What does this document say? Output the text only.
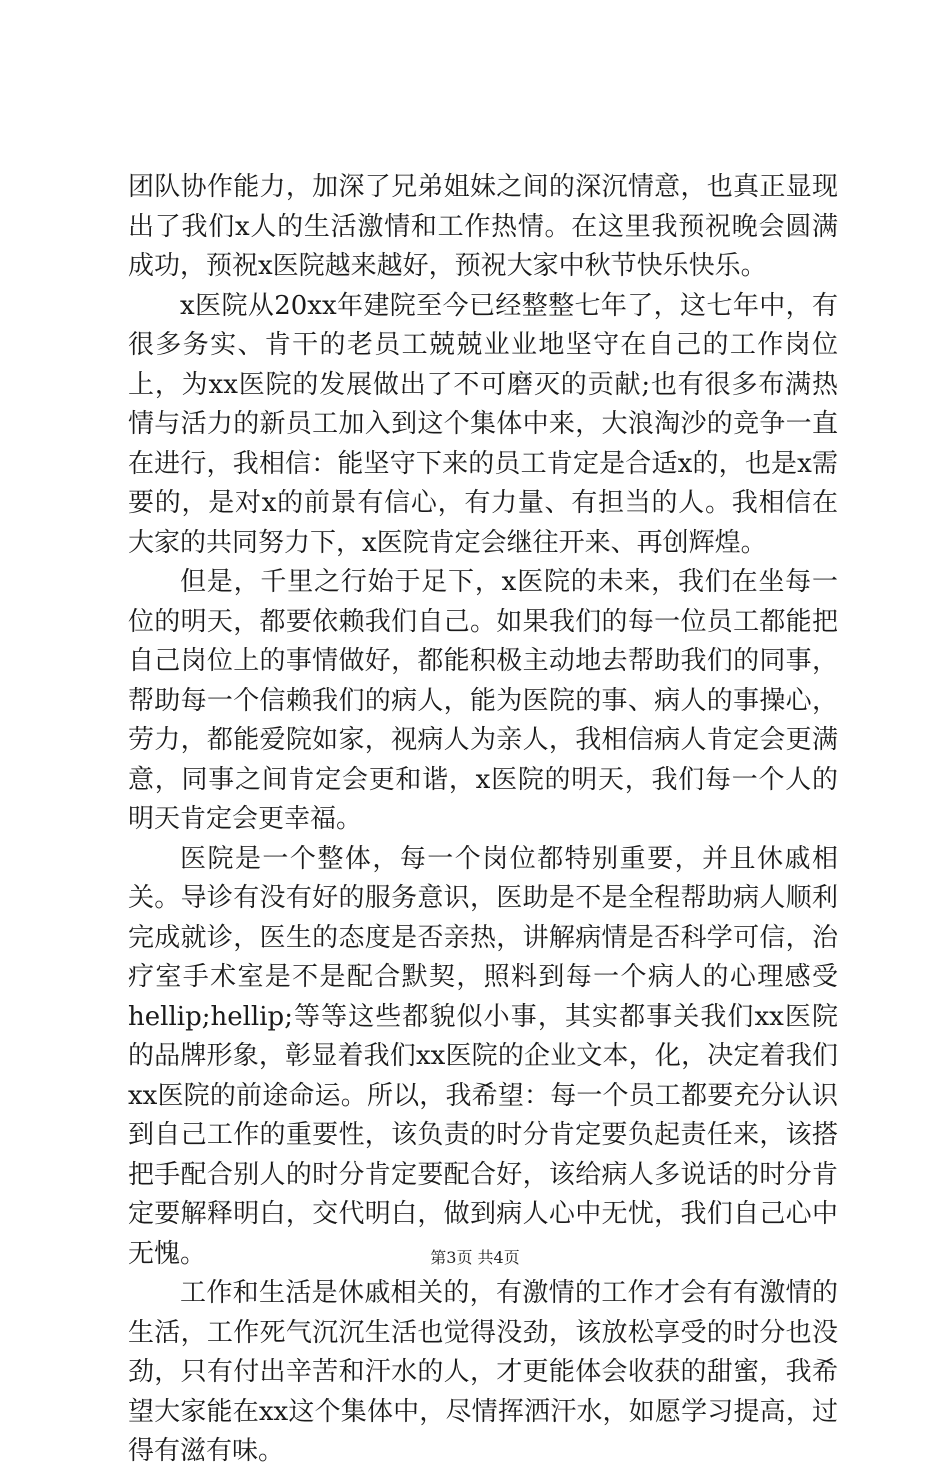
团队协作能力，加深了兄弟姐妹之间的深沉情意，也真正显现出了我们x人的生活激情和工作热情。在这里我预祝晚会圆满成功，预祝x医院越来越好，预祝大家中秋节快乐快乐。

x医院从20xx年建院至今已经整整七年了，这七年中，有很多务实、肯干的老员工兢兢业业地坚守在自己的工作岗位上，为xx医院的发展做出了不可磨灭的贡献;也有很多布满热情与活力的新员工加入到这个集体中来，大浪淘沙的竞争一直在进行，我相信：能坚守下来的员工肯定是合适x的，也是x需要的，是对x的前景有信心，有力量、有担当的人。我相信在大家的共同努力下，x医院肯定会继往开来、再创辉煌。

但是，千里之行始于足下，x医院的未来，我们在坐每一位的明天，都要依赖我们自己。如果我们的每一位员工都能把自己岗位上的事情做好，都能积极主动地去帮助我们的同事，帮助每一个信赖我们的病人，能为医院的事、病人的事操心，劳力，都能爱院如家，视病人为亲人，我相信病人肯定会更满意，同事之间肯定会更和谐，x医院的明天，我们每一个人的明天肯定会更幸福。

医院是一个整体，每一个岗位都特别重要，并且休戚相关。导诊有没有好的服务意识，医助是不是全程帮助病人顺利完成就诊，医生的态度是否亲热，讲解病情是否科学可信，治疗室手术室是不是配合默契，照料到每一个病人的心理感受hellip;hellip;等等这些都貌似小事，其实都事关我们xx医院的品牌形象，彰显着我们xx医院的企业文本，化，决定着我们xx医院的前途命运。所以，我希望：每一个员工都要充分认识到自己工作的重要性，该负责的时分肯定要负起责任来，该搭把手配合别人的时分肯定要配合好，该给病人多说话的时分肯定要解释明白，交代明白，做到病人心中无忧，我们自己心中无愧。

工作和生活是休戚相关的，有激情的工作才会有有激情的生活，工作死气沉沉生活也觉得没劲，该放松享受的时分也没劲，只有付出辛苦和汗水的人，才更能体会收获的甜蜜，我希望大家能在xx这个集体中，尽情挥洒汗水，如愿学习提高，过得有滋有味。

第3页 共4页
